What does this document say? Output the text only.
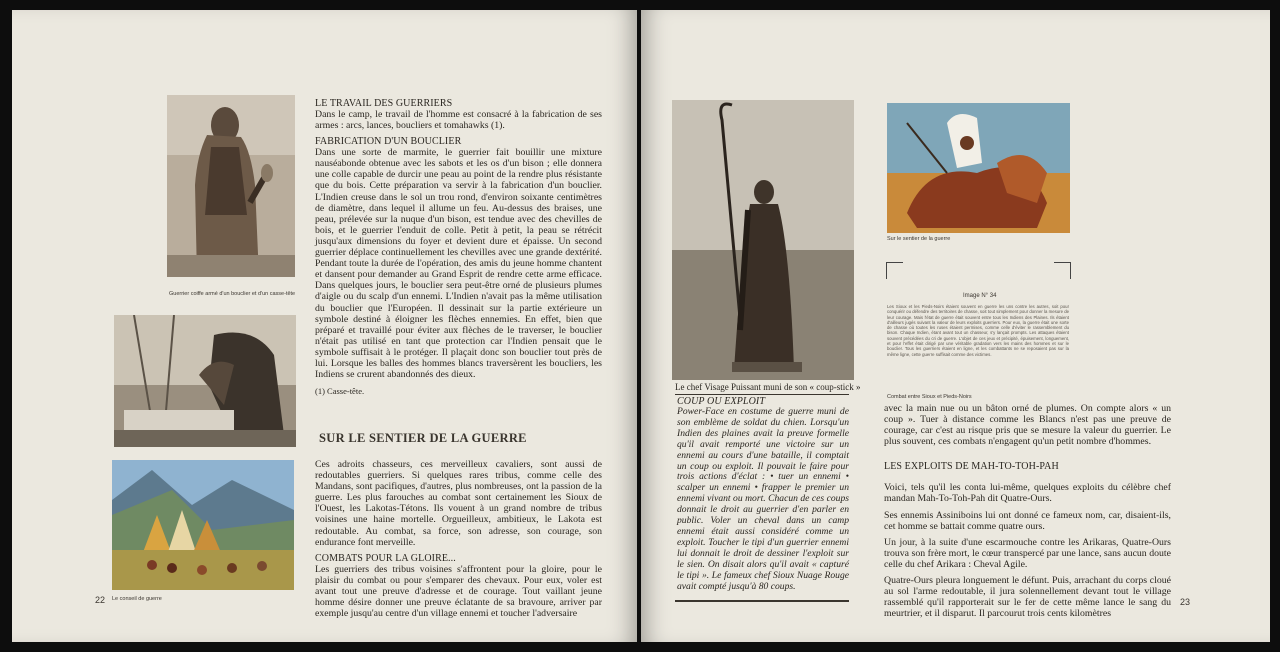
Guerrier coiffe armé d'un bouclier et d'un casse-tête
22 Le conseil de guerre
LE TRAVAIL DES GUERRIERS

Dans le camp, le travail de l'homme est consacré à la fabrication de ses armes : arcs, lances, boucliers et tomahawks (1).

FABRICATION D'UN BOUCLIER

Dans une sorte de marmite, le guerrier fait bouillir une mixture nauséabonde obtenue avec les sabots et les os d'un bison ; elle donnera une colle capable de durcir une peau au point de la rendre plus résistante que du bois. Cette préparation va servir à la fabrication d'un bouclier. L'Indien creuse dans le sol un trou rond, d'environ soixante centimètres de diamètre, dans lequel il allume un feu. Au-dessus des braises, une peau, prélevée sur la nuque d'un bison, est tendue avec des chevilles de bois, et le guerrier l'enduit de colle. Petit à petit, la peau se rétrécit jusqu'aux dimensions du foyer et devient dure et épaisse. Un second guerrier déplace continuellement les chevilles avec une grande dextérité. Pendant toute la durée de l'opération, des amis du jeune homme chantent et dansent pour demander au Grand Esprit de rendre cette arme efficace. Dans quelques jours, le bouclier sera peut-être orné de plusieurs plumes d'aigle ou du scalp d'un ennemi. L'Indien n'avait pas la même utilisation du bouclier que l'Européen. Il dessinait sur la partie extérieure un symbole destiné à éloigner les flèches ennemies. En effet, bien que préparé et travaillé pour éviter aux flèches de le traverser, le bouclier n'était pas utilisé en tant que protection car l'Indien pensait que le symbole suffisait à le protéger. Il plaçait donc son bouclier tout près de lui. Lorsque les balles des hommes blancs traversèrent les boucliers, les Indiens se crurent abandonnés des dieux.

(1) Casse-tête.

SUR LE SENTIER DE LA GUERRE

Ces adroits chasseurs, ces merveilleux cavaliers, sont aussi de redoutables guerriers. Si quelques rares tribus, comme celle des Mandans, sont pacifiques, d'autres, plus nombreuses, ont la passion de la guerre. Les plus farouches au combat sont certainement les Sioux de l'Ouest, les Lakotas-Tétons. Ils vouent à un grand nombre de tribus voisines une haine mortelle. Orgueilleux, ambitieux, le Lakota est redoutable. Au combat, sa force, son adresse, son courage, son endurance font merveille.

COMBATS POUR LA GLOIRE...

Les guerriers des tribus voisines s'affrontent pour la gloire, pour le plaisir du combat ou pour s'emparer des chevaux. Pour eux, voler est avant tout une preuve d'adresse et de courage. Tout vaillant jeune homme désire donner une preuve éclatante de sa bravoure, arriver par exemple jusqu'au centre d'un village ennemi et toucher l'adversaire

Le chef Visage Puissant muni de son « coup-stick »
COUP OU EXPLOIT

Power-Face en costume de guerre muni de son emblème de soldat du chien. Lorsqu'un Indien des plaines avait la preuve formelle qu'il avait remporté une victoire sur un ennemi au cours d'une bataille, il comptait un coup ou exploit. Il pouvait le faire pour trois actions d'éclat : • tuer un ennemi • scalper un ennemi • frapper le premier un ennemi vivant ou mort. Chacun de ces coups donnait le droit au guerrier d'en parler en public. Voler un cheval dans un camp ennemi était aussi considéré comme un exploit. Toucher le tipi d'un guerrier ennemi lui donnait le droit de dessiner l'exploit sur le sien. On disait alors qu'il avait « capturé le tipi ». Le fameux chef Sioux Nuage Rouge avait compté jusqu'à 80 coups.

Sur le sentier de la guerre
Image N° 34
Les Sioux et les Pieds-Noirs étaient souvent en guerre les uns contre les autres, soit pour conquérir ou défendre des territoires de chasse, soit tout simplement pour donner la mesure de leur courage. Mais l'état de guerre était souvent entre tous les Indiens des Plaines. Ils étaient d'ailleurs jugés suivant la valeur de leurs exploits guerriers. Pour eux, la guerre était une sorte de chasse où toutes les ruses étaient permises, comme celle d'éviter le rassemblement du bison. Chaque Indien, étant avant tout un chasseur, s'y lançait prompts. Les attaques étaient souvent précédées du cri de guerre. L'objet de ces jeux et précipité, épuisement, longuement, et pour l'effet était dirigé par une véritable gradation vers les mains des hommes et sur le bouclier. Tous les guerriers étaient en ligne, et les combattants ne se reposaient pas sur la même ligne, cette guerre suffisait comme des victimes.
Combat entre Sioux et Pieds-Noirs

avec la main nue ou un bâton orné de plumes. On compte alors « un coup ». Tuer à distance comme les Blancs n'est pas une preuve de courage, car c'est au risque pris que se mesure la valeur du guerrier. Le plus souvent, ces combats n'engagent qu'un petit nombre d'hommes.

LES EXPLOITS DE MAH-TO-TOH-PAH

Voici, tels qu'il les conta lui-même, quelques exploits du célèbre chef mandan Mah-To-Toh-Pah dit Quatre-Ours.

Ses ennemis Assiniboins lui ont donné ce fameux nom, car, disaient-ils, cet homme se battait comme quatre ours.

Un jour, à la suite d'une escarmouche contre les Arikaras, Quatre-Ours trouva son frère mort, le cœur transpercé par une lance, sans aucun doute celle du chef Arikara : Cheval Agile.

Quatre-Ours pleura longuement le défunt. Puis, arrachant du corps cloué au sol l'arme redoutable, il jura solennellement devant tout le village rassemblé qu'il rapporterait sur le fer de cette même lance le sang du meurtrier, et il disparut. Il parcourut trois cents kilomètres

23
